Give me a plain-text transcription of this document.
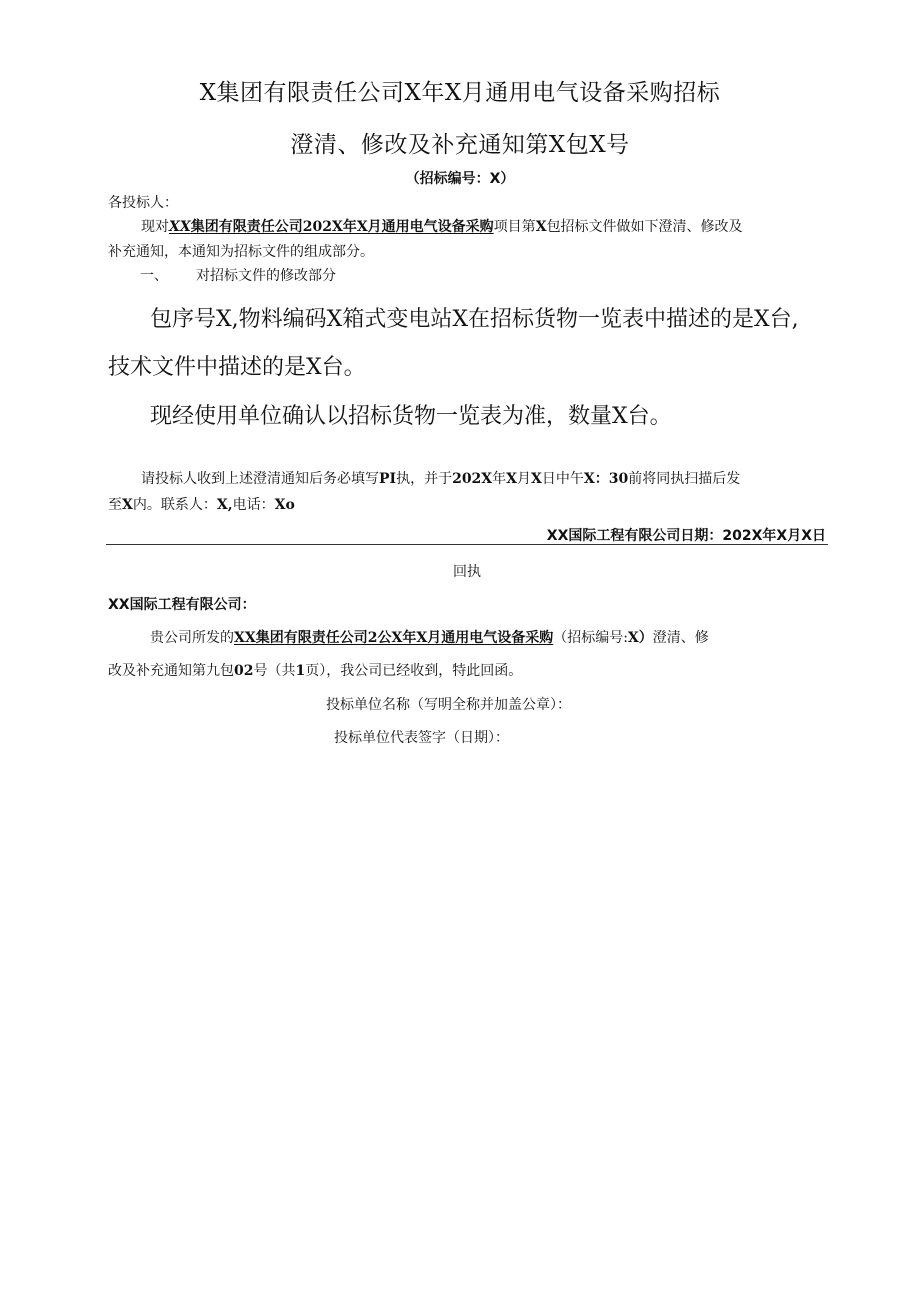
X集团有限责任公司X年X月通用电气设备采购招标
澄清、修改及补充通知第X包X号
（招标编号：X）
各投标人：
现对XX集团有限责任公司202X年X月通用电气设备采购项目第X包招标文件做如下澄清、修改及
补充通知，本通知为招标文件的组成部分。
一、 对招标文件的修改部分
包序号X,物料编码X箱式变电站X在招标货物一览表中描述的是X台,
技术文件中描述的是X台。
现经使用单位确认以招标货物一览表为准，数量X台。
请投标人收到上述澄清通知后务必填写PI执，并于202X年X月X日中午X：30前将同执扫描后发
至X内。联系人：X,电话：Xo
XX国际工程有限公司日期：202X年X月X日
回执
XX国际工程有限公司：
贵公司所发的XX集团有限责任公司2公X年X月通用电气设备采购（招标编号:X）澄清、修
改及补充通知第九包02号（共1页），我公司已经收到，特此回函。
投标单位名称（写明全称并加盖公章）：
投标单位代表签字（日期）：
